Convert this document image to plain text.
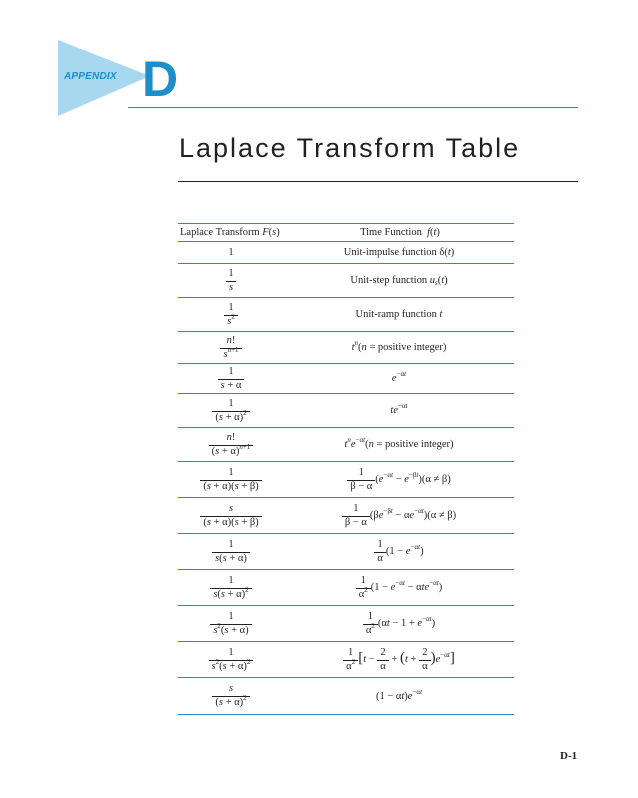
APPENDIX D
Laplace Transform Table
Laplace Transform F(s)	Time Function  f(t)
1	Unit-impulse function δ(t)
$\frac{1}{s}$	Unit-step function $u_s(t)$
$\frac{1}{s^2}$	Unit-ramp function t
$\frac{n!}{s^{n+1}}$	$t^n(n$ = positive integer)
$\frac{1}{s + \alpha}$	$e^{-\alpha t}$
$\frac{1}{(s + \alpha)^2}$	$te^{-\alpha t}$
$\frac{n!}{(s + \alpha)^{n+1}}$	$t^ne^{-\alpha t}(n$ = positive integer)
$\frac{1}{(s + \alpha)(s + \beta)}$	$\frac{1}{\beta - \alpha} (e^{-\alpha t} - e^{-\beta t})(\alpha \ne \beta)$
$\frac{s}{(s + \alpha)(s + \beta)}$	$\frac{1}{\beta - \alpha} (\beta e^{-\beta t} - \alpha e^{-\alpha t})(\alpha \ne \beta)$
$\frac{1}{s(s + \alpha)}$	$\frac{1}{\alpha} (1 - e^{-\alpha t})$
$\frac{1}{s(s + \alpha)^2}$	$\frac{1}{\alpha^2} (1 - e^{-\alpha t} - \alpha te^{-\alpha t})$
$\frac{1}{s^2(s + \alpha)}$	$\frac{1}{\alpha^2} (\alpha t - 1 + e^{-\alpha t})$
$\frac{1}{s^2(s + \alpha)^2}$	$\frac{1}{\alpha^2} [t - \frac{2}{\alpha} + (t + \frac{2}{\alpha} )e^{-\alpha t}]$
$\frac{s}{(s + \alpha)^2}$	$(1 - \alpha t)e^{-\alpha t}$
D-1
